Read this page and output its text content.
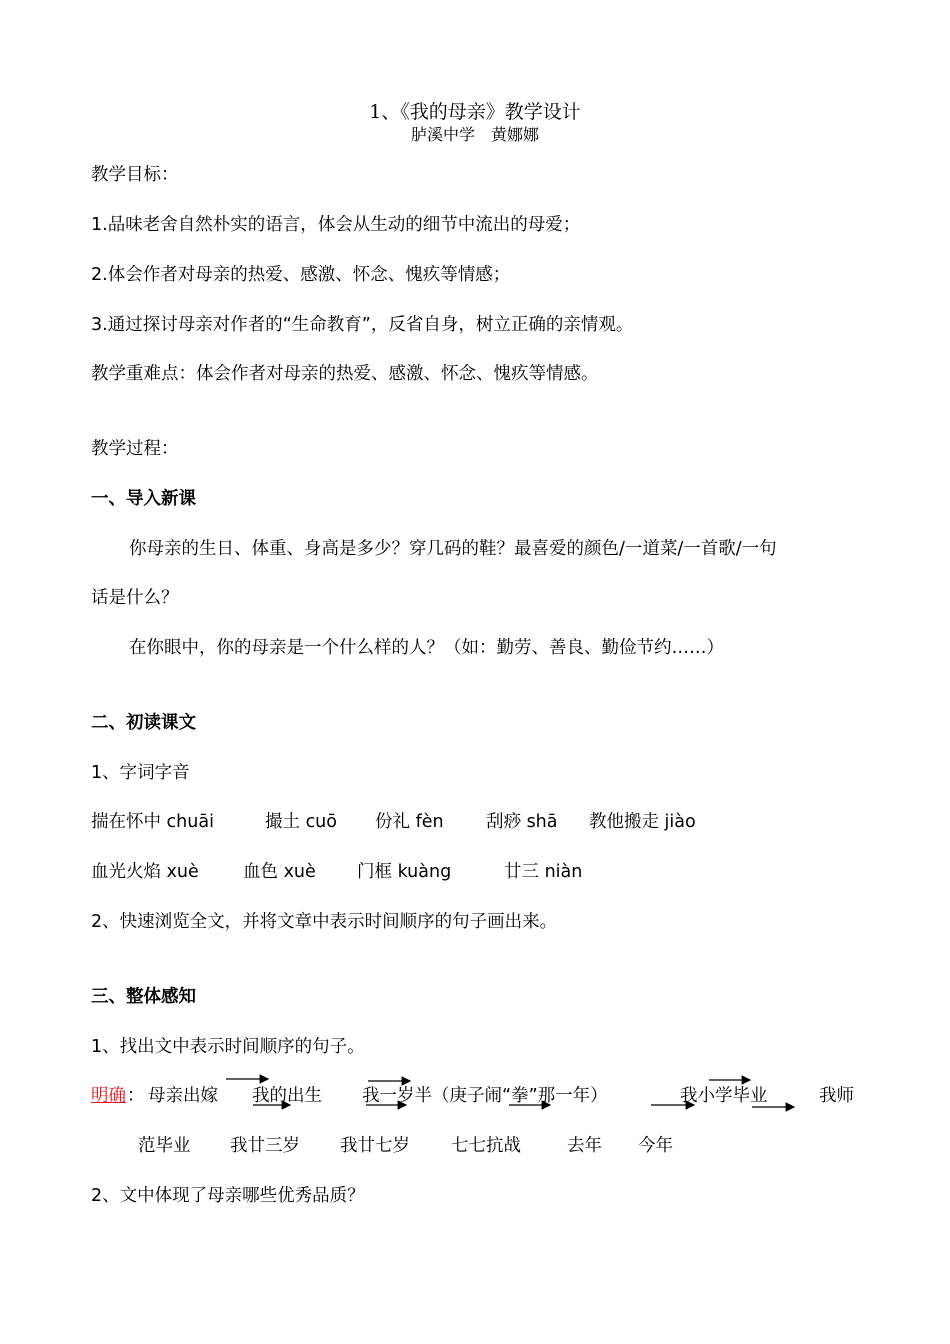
1、《我的母亲》教学设计
胪溪中学　黄娜娜
教学目标：
1.品味老舍自然朴实的语言，体会从生动的细节中流出的母爱；
2.体会作者对母亲的热爱、感激、怀念、愧疚等情感；
3.通过探讨母亲对作者的“生命教育”，反省自身，树立正确的亲情观。
教学重难点：体会作者对母亲的热爱、感激、怀念、愧疚等情感。
教学过程：
一、导入新课
你母亲的生日、体重、身高是多少？穿几码的鞋？最喜爱的颜色/一道菜/一首歌/一句
话是什么？
在你眼中，你的母亲是一个什么样的人？（如：勤劳、善良、勤俭节约……）
二、初读课文
1、字词字音
揣在怀中 chuāi	撮土 cuō 份礼 fèn 刮痧 shā 教他搬走 jiào
血光火焰 xuè	血色 xuè 门框 kuàng	廿三 niàn
2、快速浏览全文，并将文章中表示时间顺序的句子画出来。
三、整体感知
1、找出文中表示时间顺序的句子。
明确 ： 母亲出嫁 我的出生 我一岁半（庚子闹“拳”那一年）	我小学毕业	我师
范毕业 我廿三岁 我廿七岁 七七抗战	去年 今年
2、文中体现了母亲哪些优秀品质？
